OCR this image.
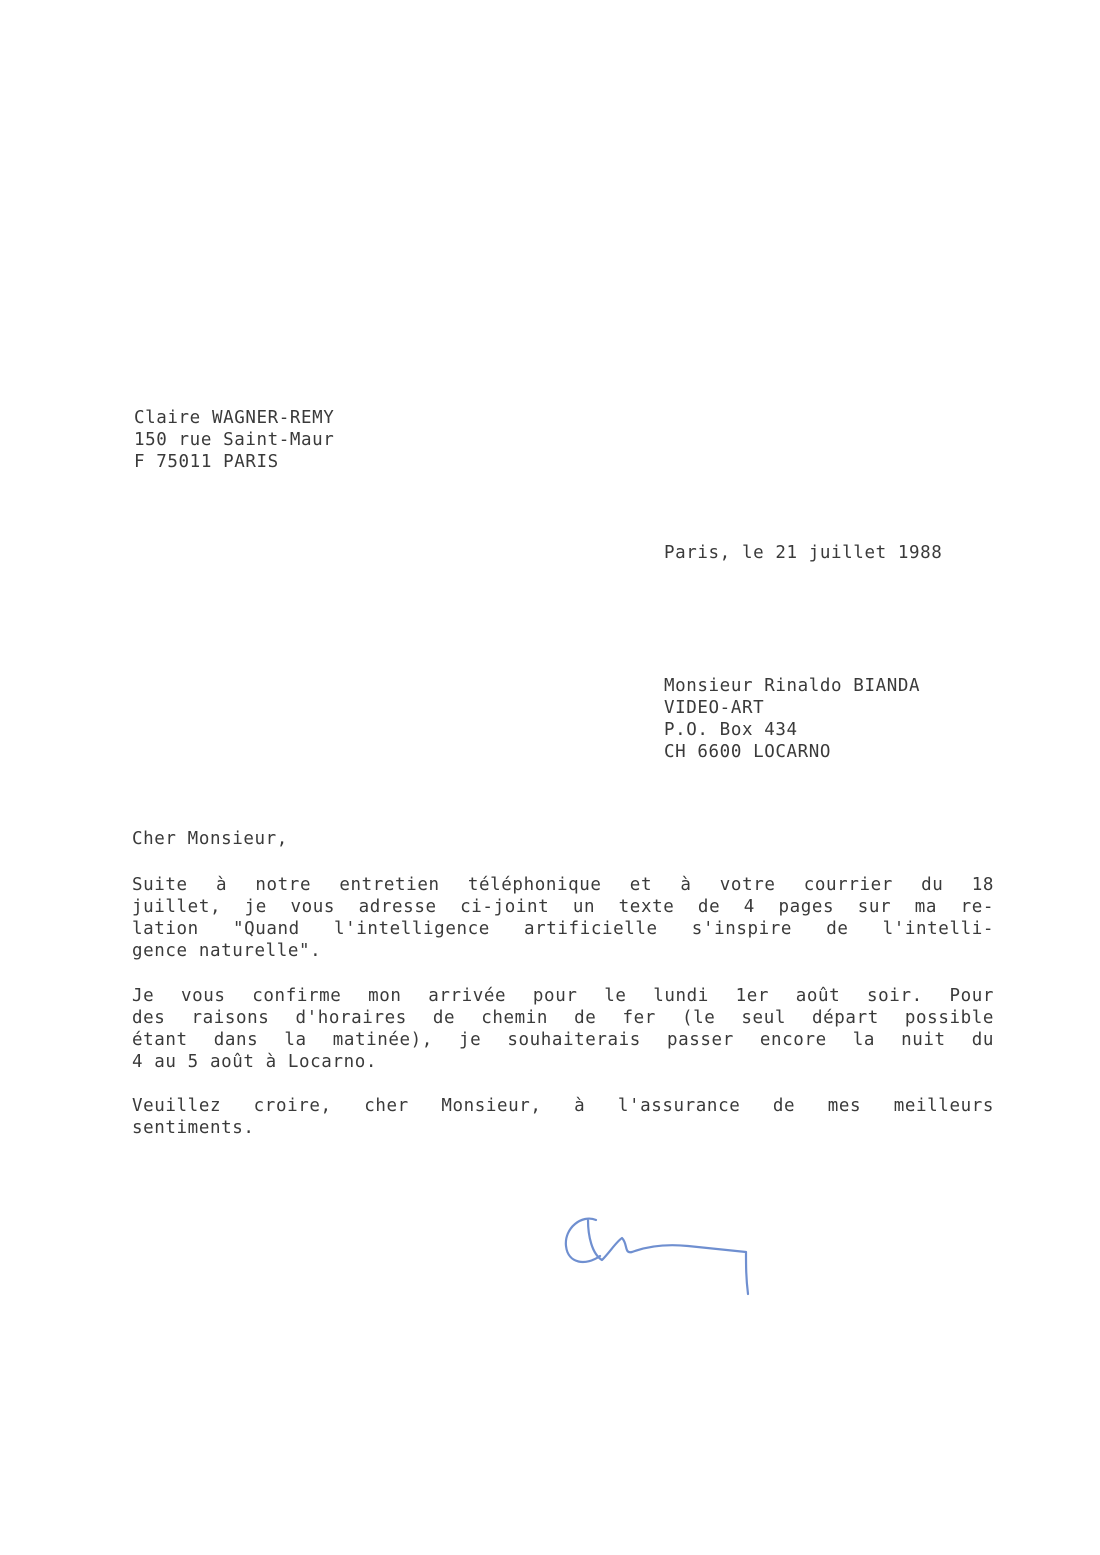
Claire WAGNER-REMY
150 rue Saint-Maur
F 75011 PARIS
Paris, le 21 juillet 1988
Monsieur Rinaldo BIANDA
VIDEO-ART
P.O. Box 434
CH 6600 LOCARNO
Cher Monsieur,
Suite à notre entretien téléphonique et à votre courrier du 18
juillet, je vous adresse ci-joint un texte de 4 pages sur ma re-
lation "Quand l'intelligence artificielle s'inspire de l'intelli-
gence naturelle".
Je vous confirme mon arrivée pour le lundi 1er août soir. Pour
des raisons d'horaires de chemin de fer (le seul départ possible
étant dans la matinée), je souhaiterais passer encore la nuit du
4 au 5 août à Locarno.
Veuillez croire, cher Monsieur, à l'assurance de mes meilleurs
sentiments.
